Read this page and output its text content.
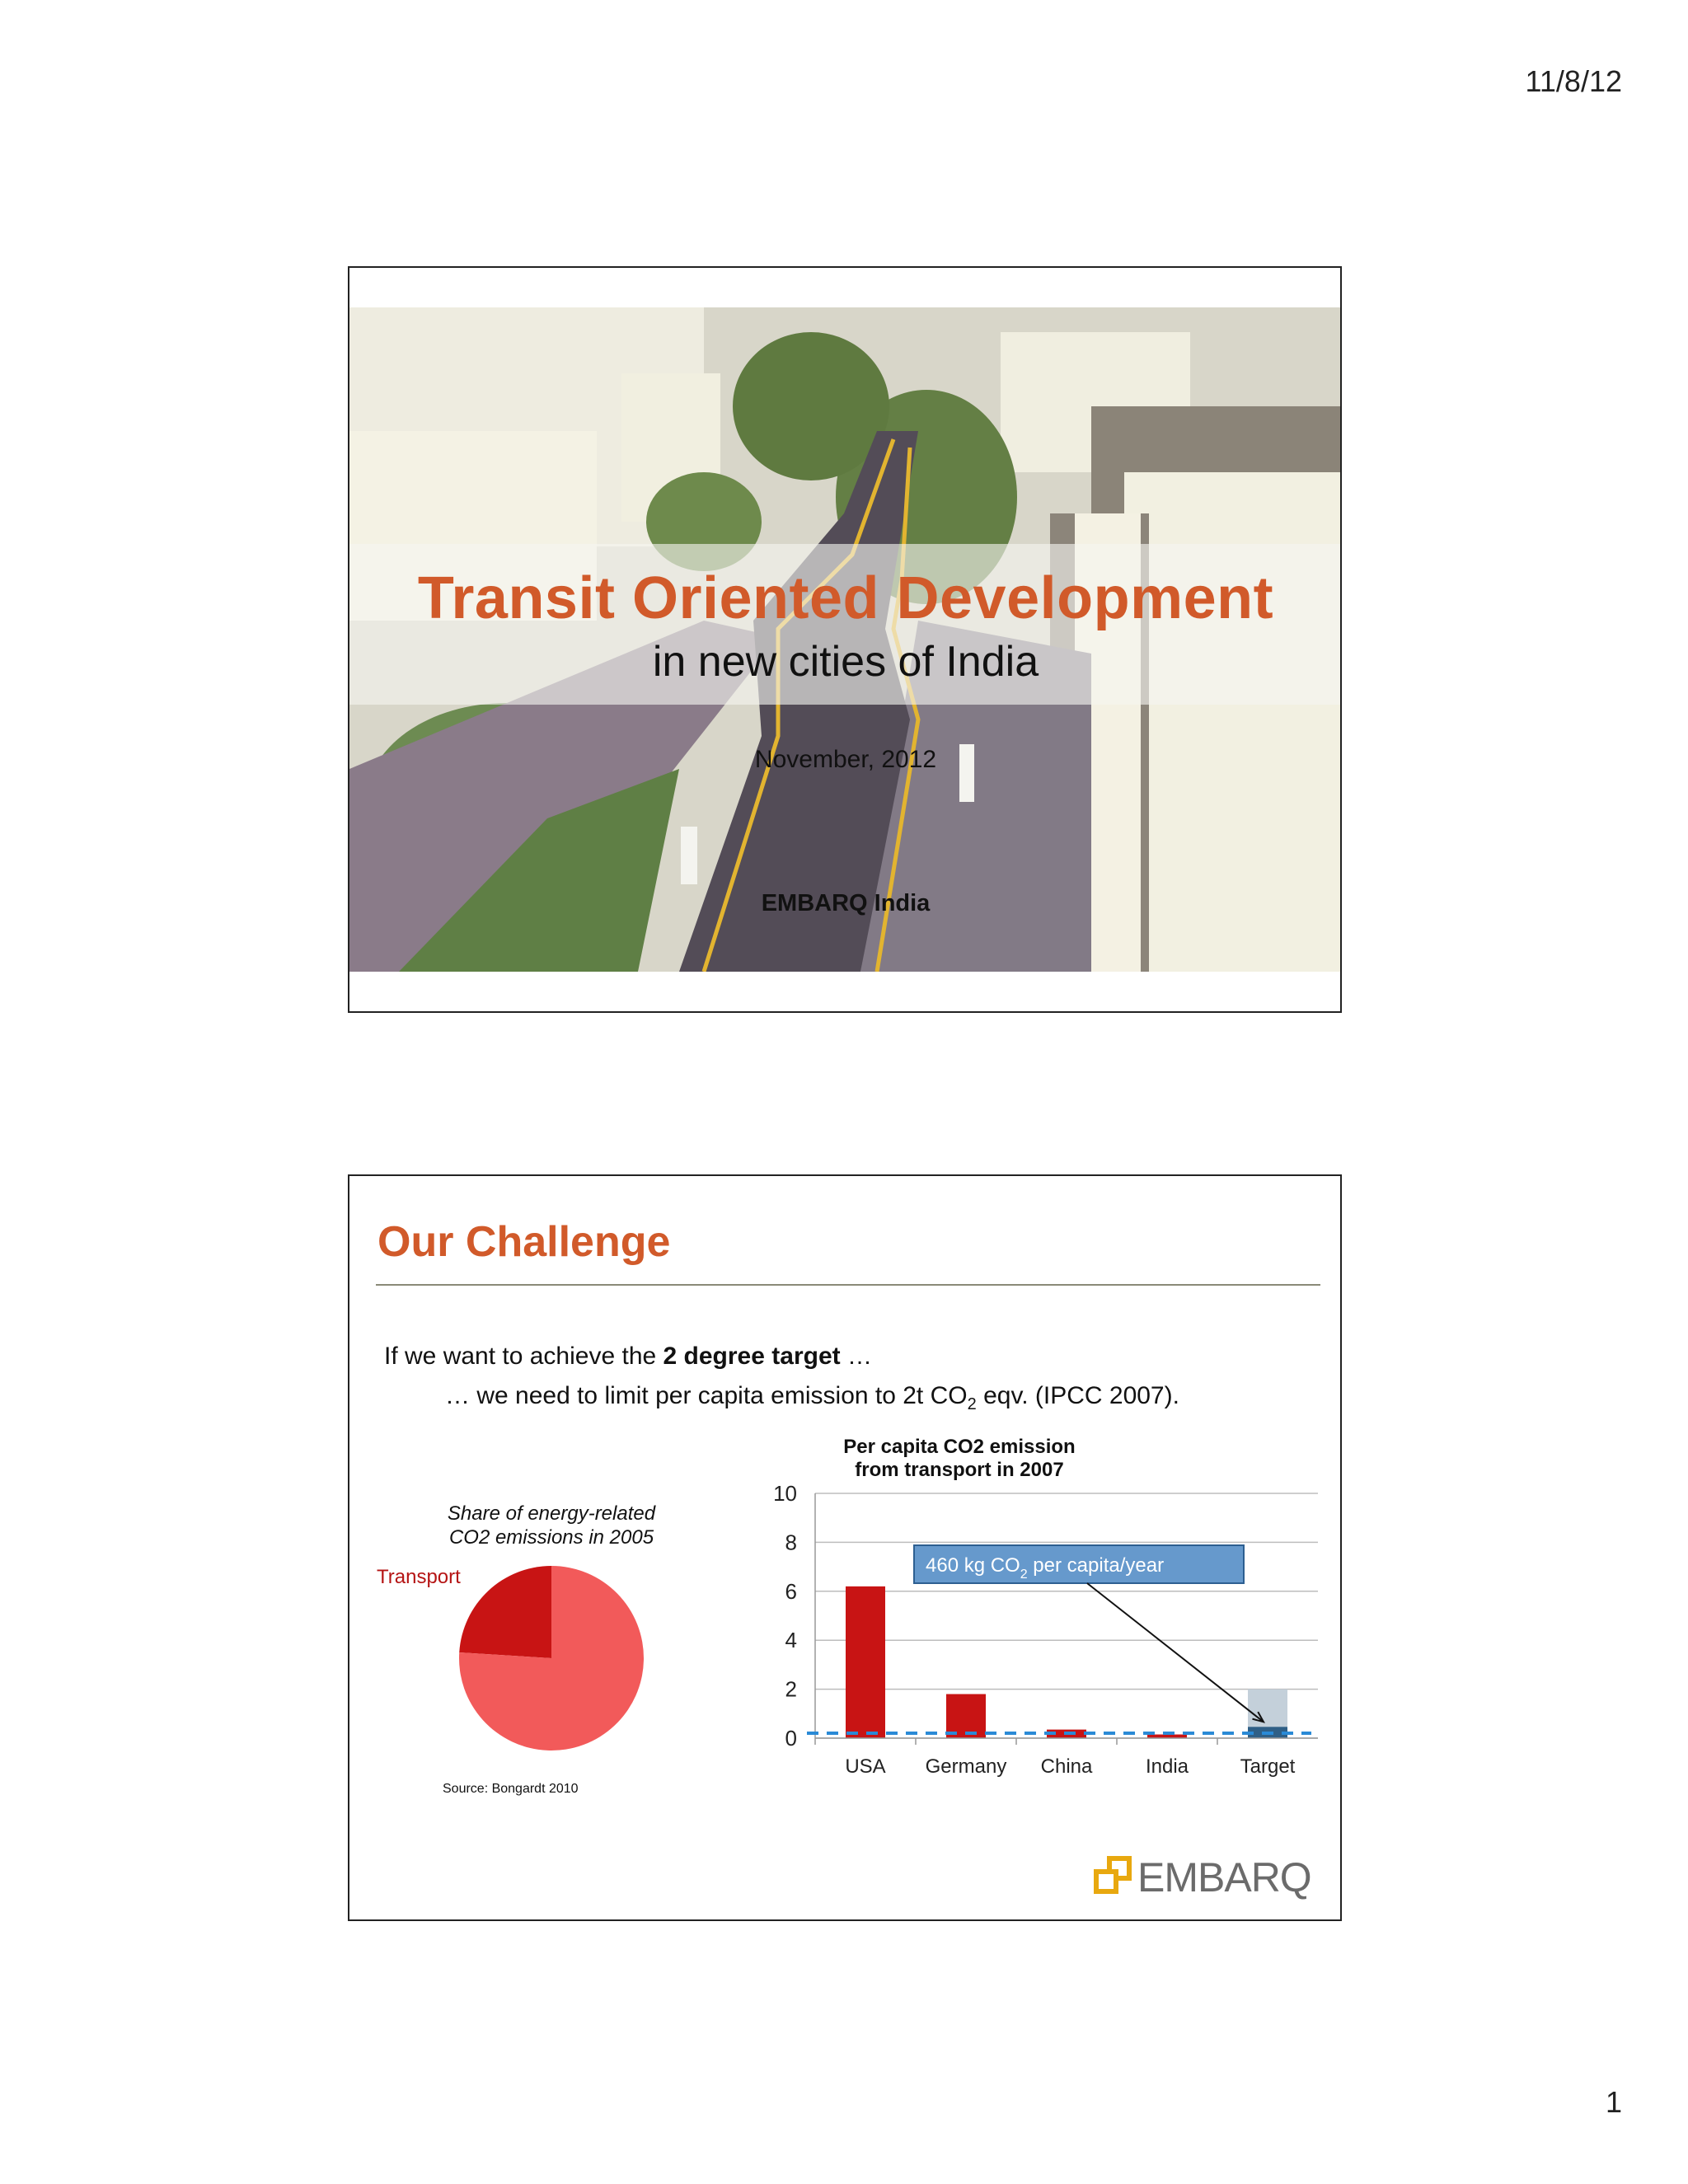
11/8/12
Transit Oriented Development
in new cities of India
November, 2012
EMBARQ India
Our Challenge
If we want to achieve the 2 degree target …
… we need to limit per capita emission to 2t $CO_2$ eqv. (IPCC 2007).
Share of energy-related
CO2 emissions in 2005
Transport
Source: Bongardt 2010
Per capita CO2 emission
from transport in 2007
0
2
4
6
8
10
USA Germany China	India	Target
460 kg $CO_2$ per capita/year
EMBARQ
1
